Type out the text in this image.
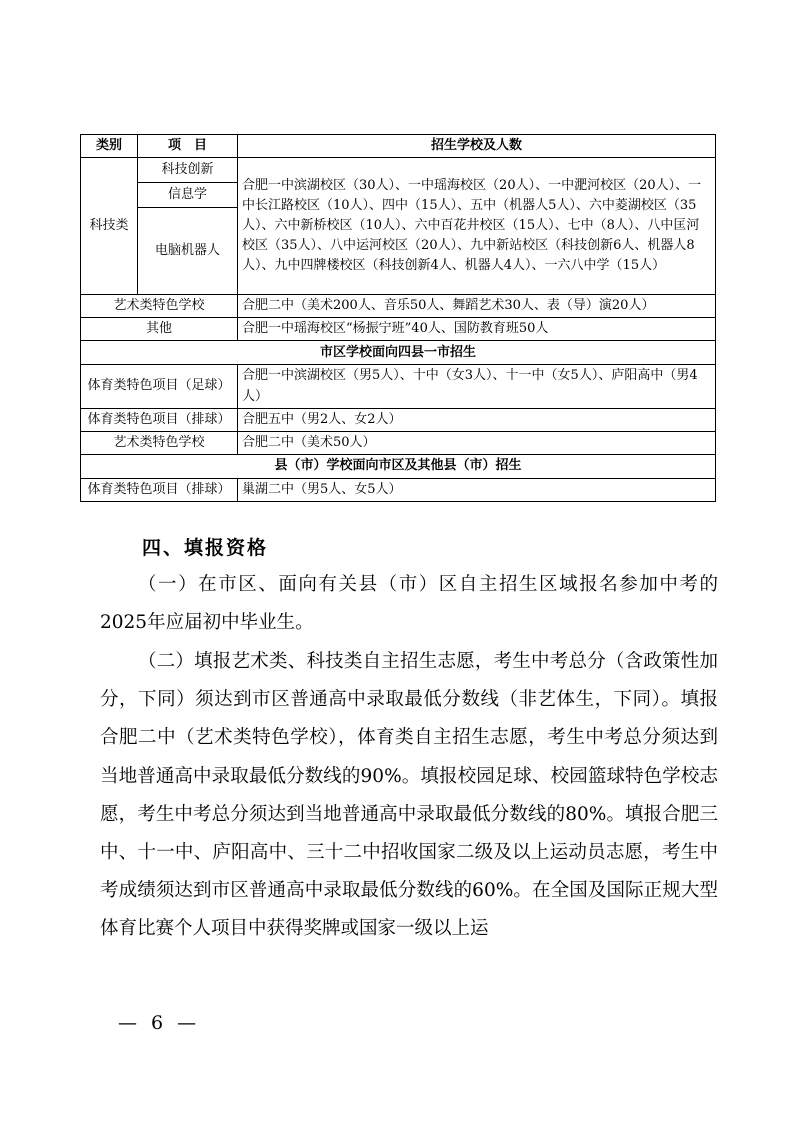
类别	项　目	招生学校及人数
科技类	科技创新	合肥一中滨湖校区（30人）、一中瑶海校区（20人）、一中淝河校区（20人）、一中长江路校区（10人）、四中（15人）、五中（机器人5人）、六中菱湖校区（35人）、六中新桥校区（10人）、六中百花井校区（15人）、七中（8人）、八中匡河校区（35人）、八中运河校区（20人）、九中新站校区（科技创新6人、机器人8人）、九中四牌楼校区（科技创新4人、机器人4人）、一六八中学（15人）
	信息学	
	电脑机器人	
艺术类特色学校		合肥二中（美术200人、音乐50人、舞蹈艺术30人、表（导）演20人）
其他		合肥一中瑶海校区“杨振宁班”40人、国防教育班50人
市区学校面向四县一市招生		
体育类特色项目（足球）		合肥一中滨湖校区（男5人）、十中（女3人）、十一中（女5人）、庐阳高中（男4人）
体育类特色项目（排球）		合肥五中（男2人、女2人）
艺术类特色学校		合肥二中（美术50人）
县（市）学校面向市区及其他县（市）招生		
体育类特色项目（排球）		巢湖二中（男5人、女5人）
四、填报资格

（一）在市区、面向有关县（市）区自主招生区域报名参加中考的2025年应届初中毕业生。

（二）填报艺术类、科技类自主招生志愿，考生中考总分（含政策性加分，下同）须达到市区普通高中录取最低分数线（非艺体生，下同）。填报合肥二中（艺术类特色学校），体育类自主招生志愿，考生中考总分须达到当地普通高中录取最低分数线的90%。填报校园足球、校园篮球特色学校志愿，考生中考总分须达到当地普通高中录取最低分数线的80%。填报合肥三中、十一中、庐阳高中、三十二中招收国家二级及以上运动员志愿，考生中考成绩须达到市区普通高中录取最低分数线的60%。在全国及国际正规大型体育比赛个人项目中获得奖牌或国家一级以上运

— 6 —
